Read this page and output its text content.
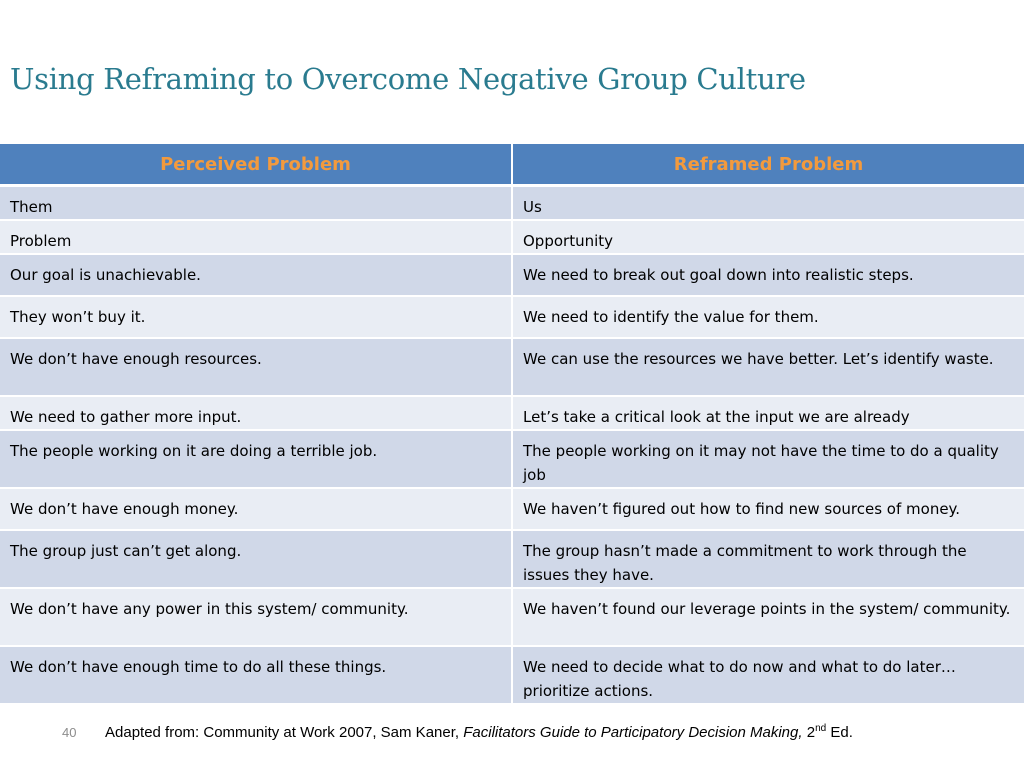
Using Reframing to Overcome Negative Group Culture
Perceived Problem	Reframed Problem
Them	Us
Problem	Opportunity
Our goal is unachievable.	We need to break out goal down into realistic steps.
They won’t buy it.	We need to identify the value for them.
We don’t have enough resources.	We can use the resources we have better. Let’s identify waste.
We need to gather more input.	Let’s take a critical look at the input we are already
The people working on it are doing a terrible job.	The people working on it may not have the time to do a quality job
We don’t have enough money.	We haven’t figured out how to find new sources of money.
The group just can’t get along.	The group hasn’t made a commitment to work through the issues they have.
We don’t have any power in this system/ community.	We haven’t found our leverage points in the system/ community.
We don’t have enough time to do all these things.	We need to decide what to do now and what to do later…prioritize actions.
40 Adapted from: Community at Work 2007, Sam Kaner, Facilitators Guide to Participatory Decision Making, 2nd Ed.
